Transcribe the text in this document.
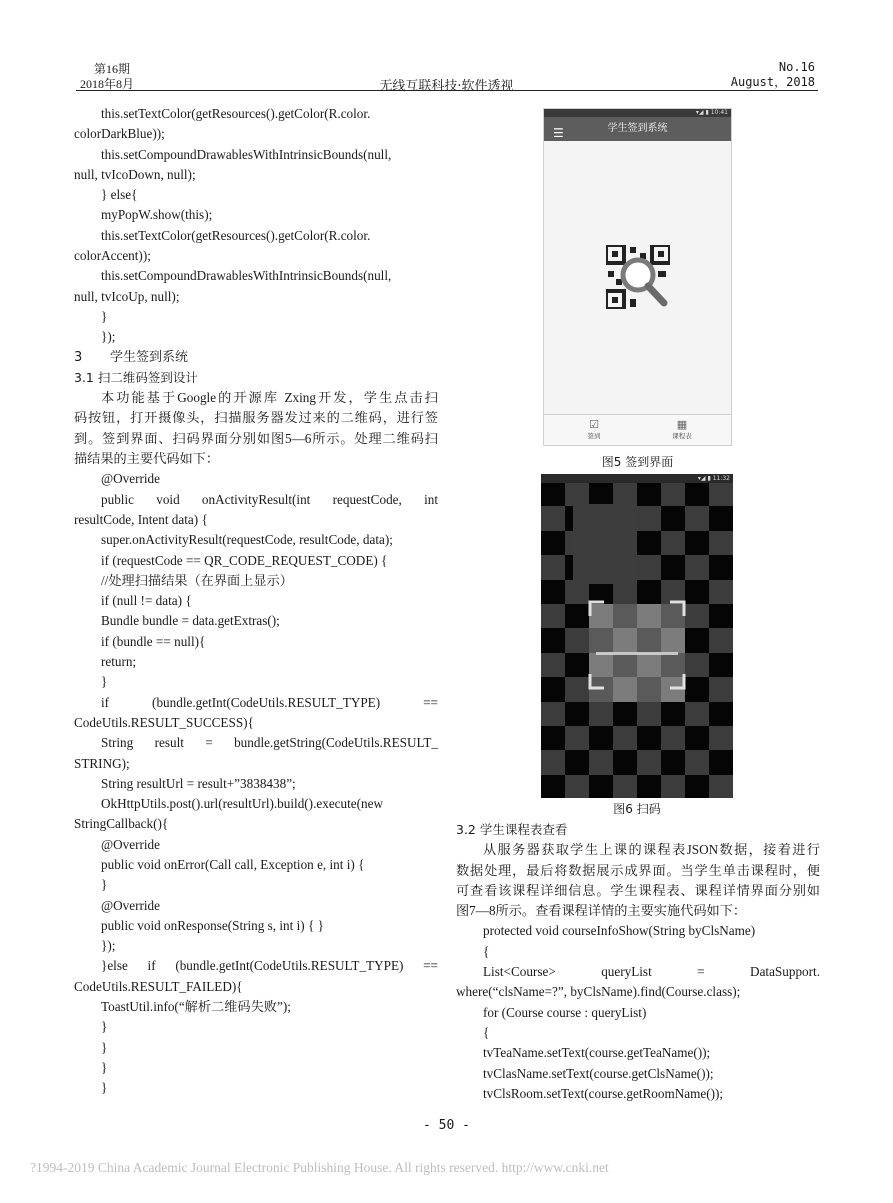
第16期
2018年8月	无线互联科技·软件透视
No.16
August，2018
this.setTextColor(getResources().getColor(R.color.
colorDarkBlue));
this.setCompoundDrawablesWithIntrinsicBounds(null,
null, tvIcoDown, null);
} else{
myPopW.show(this);
this.setTextColor(getResources().getColor(R.color.
colorAccent));
this.setCompoundDrawablesWithIntrinsicBounds(null,
null, tvIcoUp, null);
}
});
3 学生签到系统
3.1 扫二维码签到设计
本功能基于Google的开源库 Zxing开发，学生点击扫
码按钮，打开摄像头，扫描服务器发过来的二维码，进行签
到。签到界面、扫码界面分别如图5—6所示。处理二维码扫
描结果的主要代码如下：
@Override
public void onActivityResult(int requestCode, int
resultCode, Intent data) {
super.onActivityResult(requestCode, resultCode, data);
if (requestCode == QR_CODE_REQUEST_CODE) {
//处理扫描结果（在界面上显示）
if (null != data) {
Bundle bundle = data.getExtras();
if (bundle == null){
return;
}
if (bundle.getInt(CodeUtils.RESULT_TYPE) ==
CodeUtils.RESULT_SUCCESS){
String result = bundle.getString(CodeUtils.RESULT_
STRING);
String resultUrl = result+”3838438”;
OkHttpUtils.post().url(resultUrl).build().execute(new
StringCallback(){
@Override
public void onError(Call call, Exception e, int i) {
}
@Override
public void onResponse(String s, int i) { }
});
}else if (bundle.getInt(CodeUtils.RESULT_TYPE) ==
CodeUtils.RESULT_FAILED){
ToastUtil.info(“解析二维码失败”);
}
}
}
}
▾◢ ▮ 10:41
☰	学生签到系统
☑
签到
▦
课程表
图5 签到界面
▾◢ ▮ 11:32
图6 扫码
3.2 学生课程表查看
从服务器获取学生上课的课程表JSON数据，接着进行
数据处理，最后将数据展示成界面。当学生单击课程时，便
可查看该课程详细信息。学生课程表、课程详情界面分别如
图7—8所示。查看课程详情的主要实施代码如下：
protected void courseInfoShow(String byClsName)
{
List<Course> queryList = DataSupport.
where(“clsName=?”, byClsName).find(Course.class);
for (Course course : queryList)
{
tvTeaName.setText(course.getTeaName());
tvClasName.setText(course.getClsName());
tvClsRoom.setText(course.getRoomName());
- 50 -
?1994-2019 China Academic Journal Electronic Publishing House. All rights reserved. http://www.cnki.net
